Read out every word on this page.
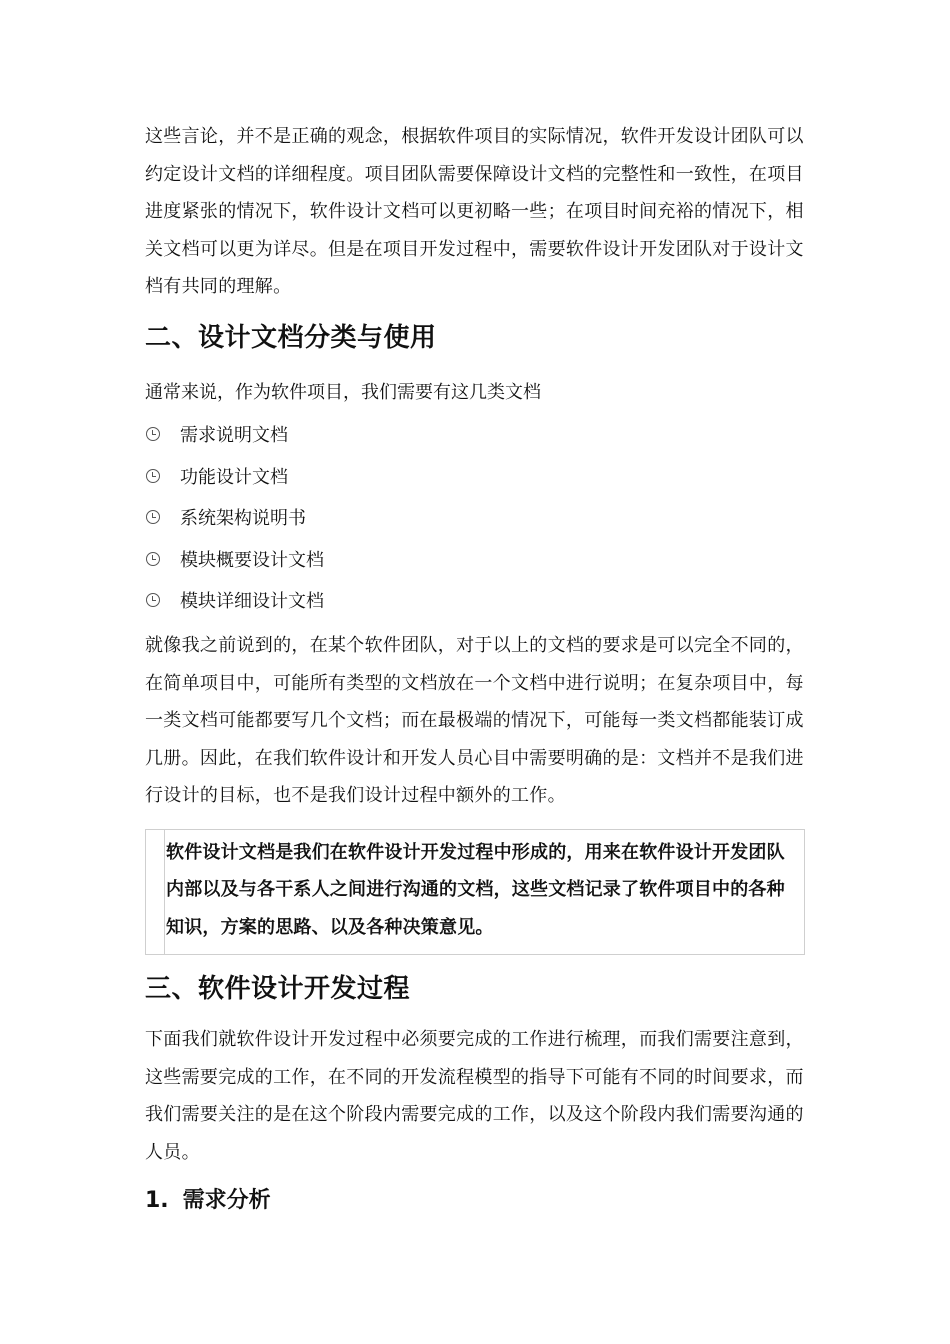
这些言论，并不是正确的观念，根据软件项目的实际情况，软件开发设计团队可以约定设计文档的详细程度。项目团队需要保障设计文档的完整性和一致性，在项目进度紧张的情况下，软件设计文档可以更初略一些；在项目时间充裕的情况下，相关文档可以更为详尽。但是在项目开发过程中，需要软件设计开发团队对于设计文档有共同的理解。

二、设计文档分类与使用

通常来说，作为软件项目，我们需要有这几类文档

需求说明文档
功能设计文档
系统架构说明书
模块概要设计文档
模块详细设计文档

就像我之前说到的，在某个软件团队，对于以上的文档的要求是可以完全不同的，在简单项目中，可能所有类型的文档放在一个文档中进行说明；在复杂项目中，每一类文档可能都要写几个文档；而在最极端的情况下，可能每一类文档都能装订成几册。因此，在我们软件设计和开发人员心目中需要明确的是：文档并不是我们进行设计的目标，也不是我们设计过程中额外的工作。

软件设计文档是我们在软件设计开发过程中形成的，用来在软件设计开发团队内部以及与各干系人之间进行沟通的文档，这些文档记录了软件项目中的各种知识，方案的思路、以及各种决策意见。

三、软件设计开发过程

下面我们就软件设计开发过程中必须要完成的工作进行梳理，而我们需要注意到，这些需要完成的工作，在不同的开发流程模型的指导下可能有不同的时间要求，而我们需要关注的是在这个阶段内需要完成的工作，以及这个阶段内我们需要沟通的人员。

1. 需求分析
